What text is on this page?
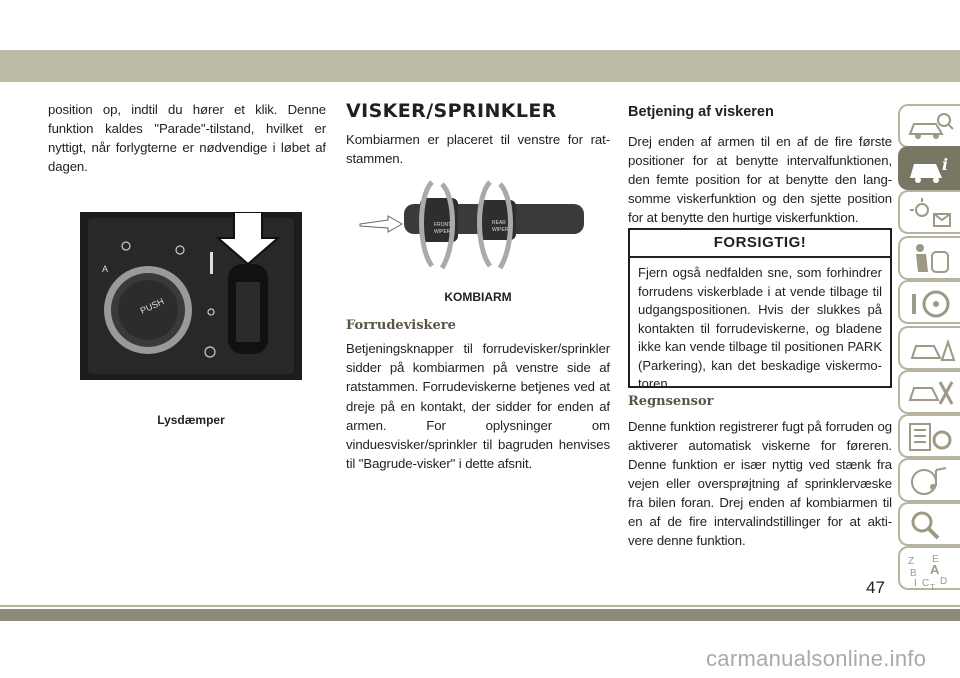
position op, indtil du hører et klik. Denne funktion kaldes "Parade"-tilstand, hvilket er nyttigt, når forlygterne er nødvendige i løbet af dagen.

PUSH
A
Lysdæmper
VISKER/SPRINKLER

Kombiarmen er placeret til venstre for rat-stammen.

FRONT
WIPER
REAR
WIPER
KOMBIARM
Forrudeviskere

Betjeningsknapper til forrudevisker/sprinkler sidder på kombiarmen på venstre side af ratstammen. Forrudeviskerne betjenes ved at dreje på en kontakt, der sidder for enden af armen. For oplysninger om vinduesvisker/sprinkler til bagruden henvises til "Bagrude-visker" i dette afsnit.

Betjening af viskeren

Drej enden af armen til en af de fire første positioner for at benytte intervalfunktionen, den femte position for at benytte den lang-somme viskerfunktion og den sjette position for at benytte den hurtige viskerfunktion.

FORSIGTIG!

Fjern også nedfalden sne, som forhindrer forrudens viskerblade i at vende tilbage til udgangspositionen. Hvis der slukkes på kontakten til forrudeviskerne, og bladene ikke kan vende tilbage til positionen PARK (Parkering), kan det beskadige viskermo-toren.

Regnsensor

Denne funktion registrerer fugt på forruden og aktiverer automatisk viskerne for føreren. Denne funktion er især nyttig ved stænk fra vejen eller oversprøjtning af sprinklervæske fra bilen foran. Drej enden af kombiarmen til en af de fire intervalindstillinger for at akti-vere denne funktion.

i
Z E
B A
I C D
T
47
carmanualsonline.info
